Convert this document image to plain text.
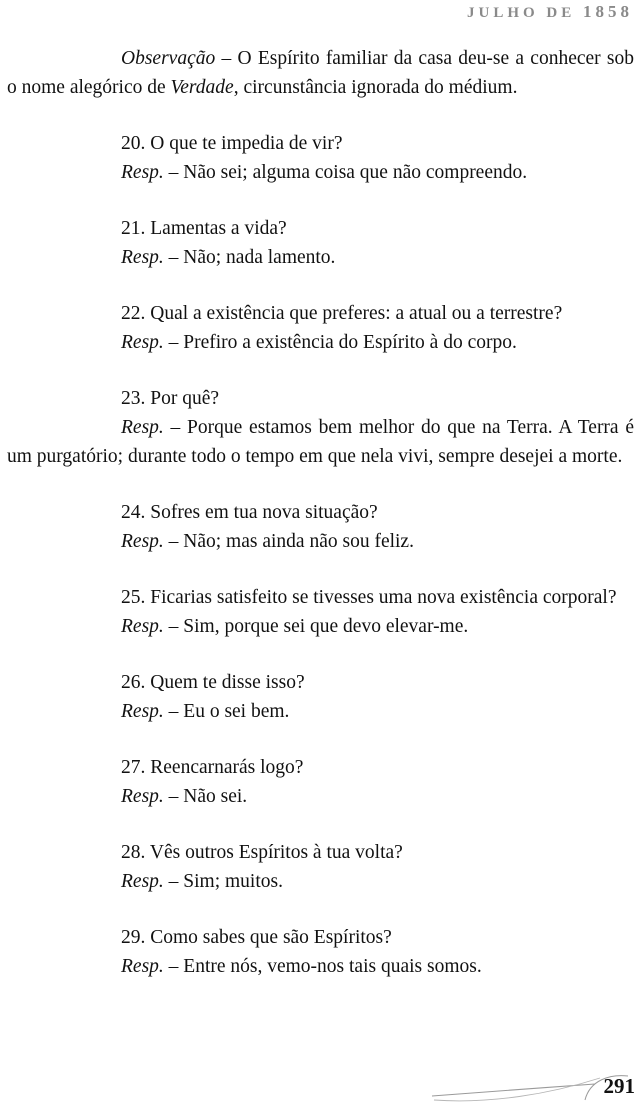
JULHO DE 1858

Observação – O Espírito familiar da casa deu-se a conhecer sob o nome alegórico de Verdade, circunstância ignorada do médium.

20. O que te impedia de vir?

Resp. – Não sei; alguma coisa que não compreendo.

21. Lamentas a vida?

Resp. – Não; nada lamento.

22. Qual a existência que preferes: a atual ou a terrestre?

Resp. – Prefiro a existência do Espírito à do corpo.

23. Por quê?

Resp. – Porque estamos bem melhor do que na Terra. A Terra é um purgatório; durante todo o tempo em que nela vivi, sempre desejei a morte.

24. Sofres em tua nova situação?

Resp. – Não; mas ainda não sou feliz.

25. Ficarias satisfeito se tivesses uma nova existência corporal?

Resp. – Sim, porque sei que devo elevar-me.

26. Quem te disse isso?

Resp. – Eu o sei bem.

27. Reencarnarás logo?

Resp. – Não sei.

28. Vês outros Espíritos à tua volta?

Resp. – Sim; muitos.

29. Como sabes que são Espíritos?

Resp. – Entre nós, vemo-nos tais quais somos.

291
